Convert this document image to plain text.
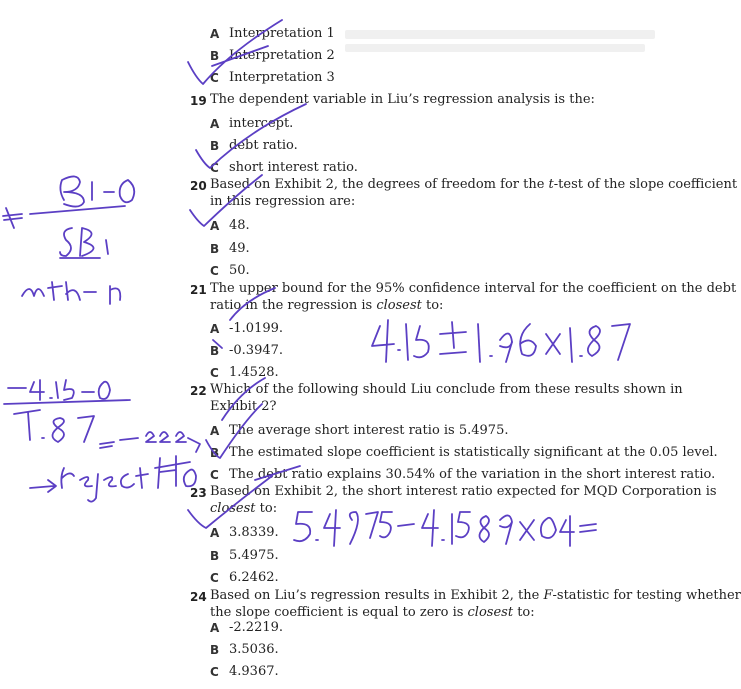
A Interpretation 1
B Interpretation 2
C Interpretation 3
19 The dependent variable in Liu’s regression analysis is the:
A intercept.
B debt ratio.
C short interest ratio.
20 Based on Exhibit 2, the degrees of freedom for the t-test of the slope coefficient
in this regression are:
A 48.
B 49.
C 50.
21 The upper bound for the 95% confidence interval for the coefficient on the debt
ratio in the regression is closest to:
A -1.0199.
B -0.3947.
C 1.4528.
22 Which of the following should Liu conclude from these results shown in
Exhibit 2?
A The average short interest ratio is 5.4975.
B The estimated slope coefficient is statistically significant at the 0.05 level.
C The debt ratio explains 30.54% of the variation in the short interest ratio.
23 Based on Exhibit 2, the short interest ratio expected for MQD Corporation is
closest to:
A 3.8339.
B 5.4975.
C 6.2462.
24 Based on Liu’s regression results in Exhibit 2, the F-statistic for testing whether
the slope coefficient is equal to zero is closest to:
A -2.2219.
B 3.5036.
C 4.9367.
